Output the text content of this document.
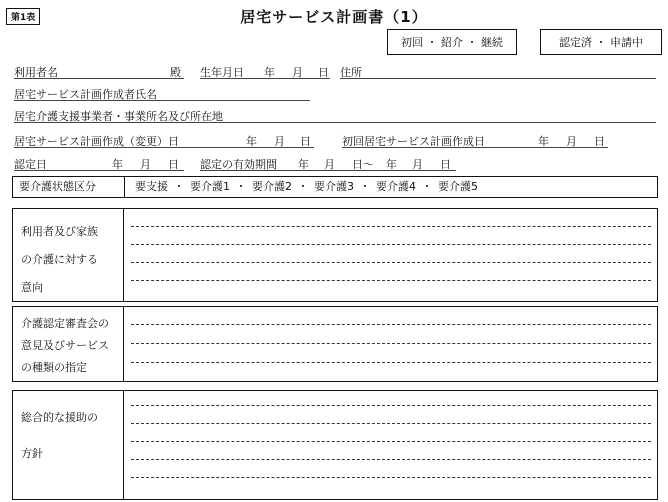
第1表	居宅サービス計画書（1）
初回 ・ 紹介 ・ 継続	認定済 ・ 申請中
利用者名	殿 生年月日 年 月 日 住所
居宅サービス計画作成者氏名
居宅介護支援事業者・事業所名及び所在地
居宅サービス計画作成（変更）日	年 月 日	初回居宅サービス計画作成日	年 月 日
認定日	年 月 日 認定の有効期間 年 月 日～ 年 月 日
要介護状態区分	要支援 ・ 要介護1 ・ 要介護2 ・ 要介護3 ・ 要介護4 ・ 要介護5
利用者及び家族
の介護に対する
意向
介護認定審査会の
意見及びサービス
の種類の指定
総合的な援助の
方針
